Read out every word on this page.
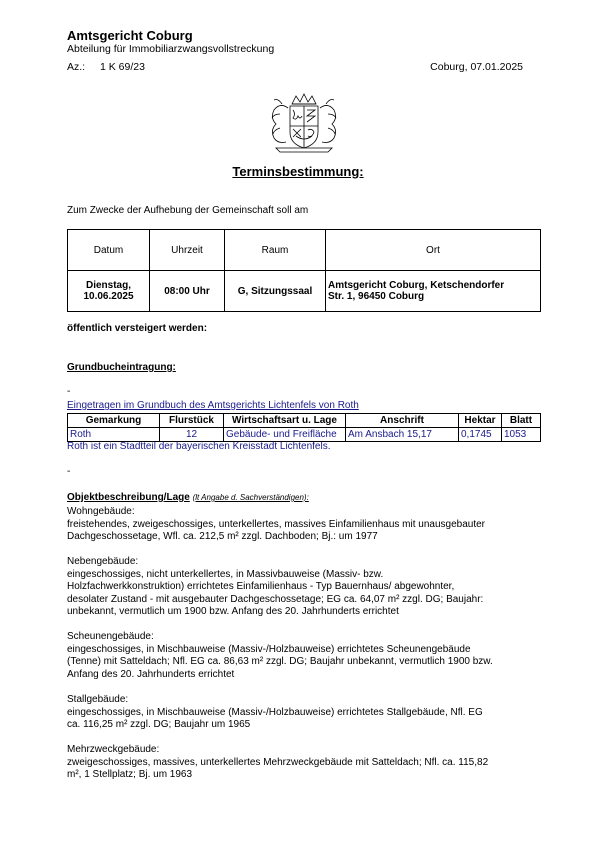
Amtsgericht Coburg
Abteilung für Immobiliarzwangsvollstreckung
Az.: 1 K 69/23	Coburg, 07.01.2025
Terminsbestimmung:
Zum Zwecke der Aufhebung der Gemeinschaft soll am
Datum	Uhrzeit	Raum	Ort
Dienstag,
10.06.2025	08:00 Uhr	G, Sitzungssaal	Amtsgericht Coburg, Ketschendorfer
Str. 1, 96450 Coburg
öffentlich versteigert werden:
Grundbucheintragung:
-
Eingetragen im Grundbuch des Amtsgerichts Lichtenfels von Roth
Gemarkung	Flurstück	Wirtschaftsart u. Lage	Anschrift	Hektar	Blatt
Roth	12	Gebäude- und Freifläche	Am Ansbach 15,17	0,1745	1053
Roth ist ein Stadtteil der bayerischen Kreisstadt Lichtenfels.
-
Objektbeschreibung/Lage (lt Angabe d. Sachverständigen):

Wohngebäude:

freistehendes, zweigeschossiges, unterkellertes, massives Einfamilienhaus mit unausgebauter

Dachgeschossetage, Wfl. ca. 212,5 m² zzgl. Dachboden; Bj.: um 1977

Nebengebäude:

eingeschossiges, nicht unterkellertes, in Massivbauweise (Massiv- bzw.

Holzfachwerkkonstruktion) errichtetes Einfamilienhaus - Typ Bauernhaus/ abgewohnter,

desolater Zustand - mit ausgebauter Dachgeschossetage; EG ca. 64,07 m² zzgl. DG; Baujahr:

unbekannt, vermutlich um 1900 bzw. Anfang des 20. Jahrhunderts errichtet

Scheunengebäude:

eingeschossiges, in Mischbauweise (Massiv-/Holzbauweise) errichtetes Scheunengebäude

(Tenne) mit Satteldach; Nfl. EG ca. 86,63 m² zzgl. DG; Baujahr unbekannt, vermutlich 1900 bzw.

Anfang des 20. Jahrhunderts errichtet

Stallgebäude:

eingeschossiges, in Mischbauweise (Massiv-/Holzbauweise) errichtetes Stallgebäude, Nfl. EG

ca. 116,25 m² zzgl. DG; Baujahr um 1965

Mehrzweckgebäude:

zweigeschossiges, massives, unterkellertes Mehrzweckgebäude mit Satteldach; Nfl. ca. 115,82

m², 1 Stellplatz; Bj. um 1963
